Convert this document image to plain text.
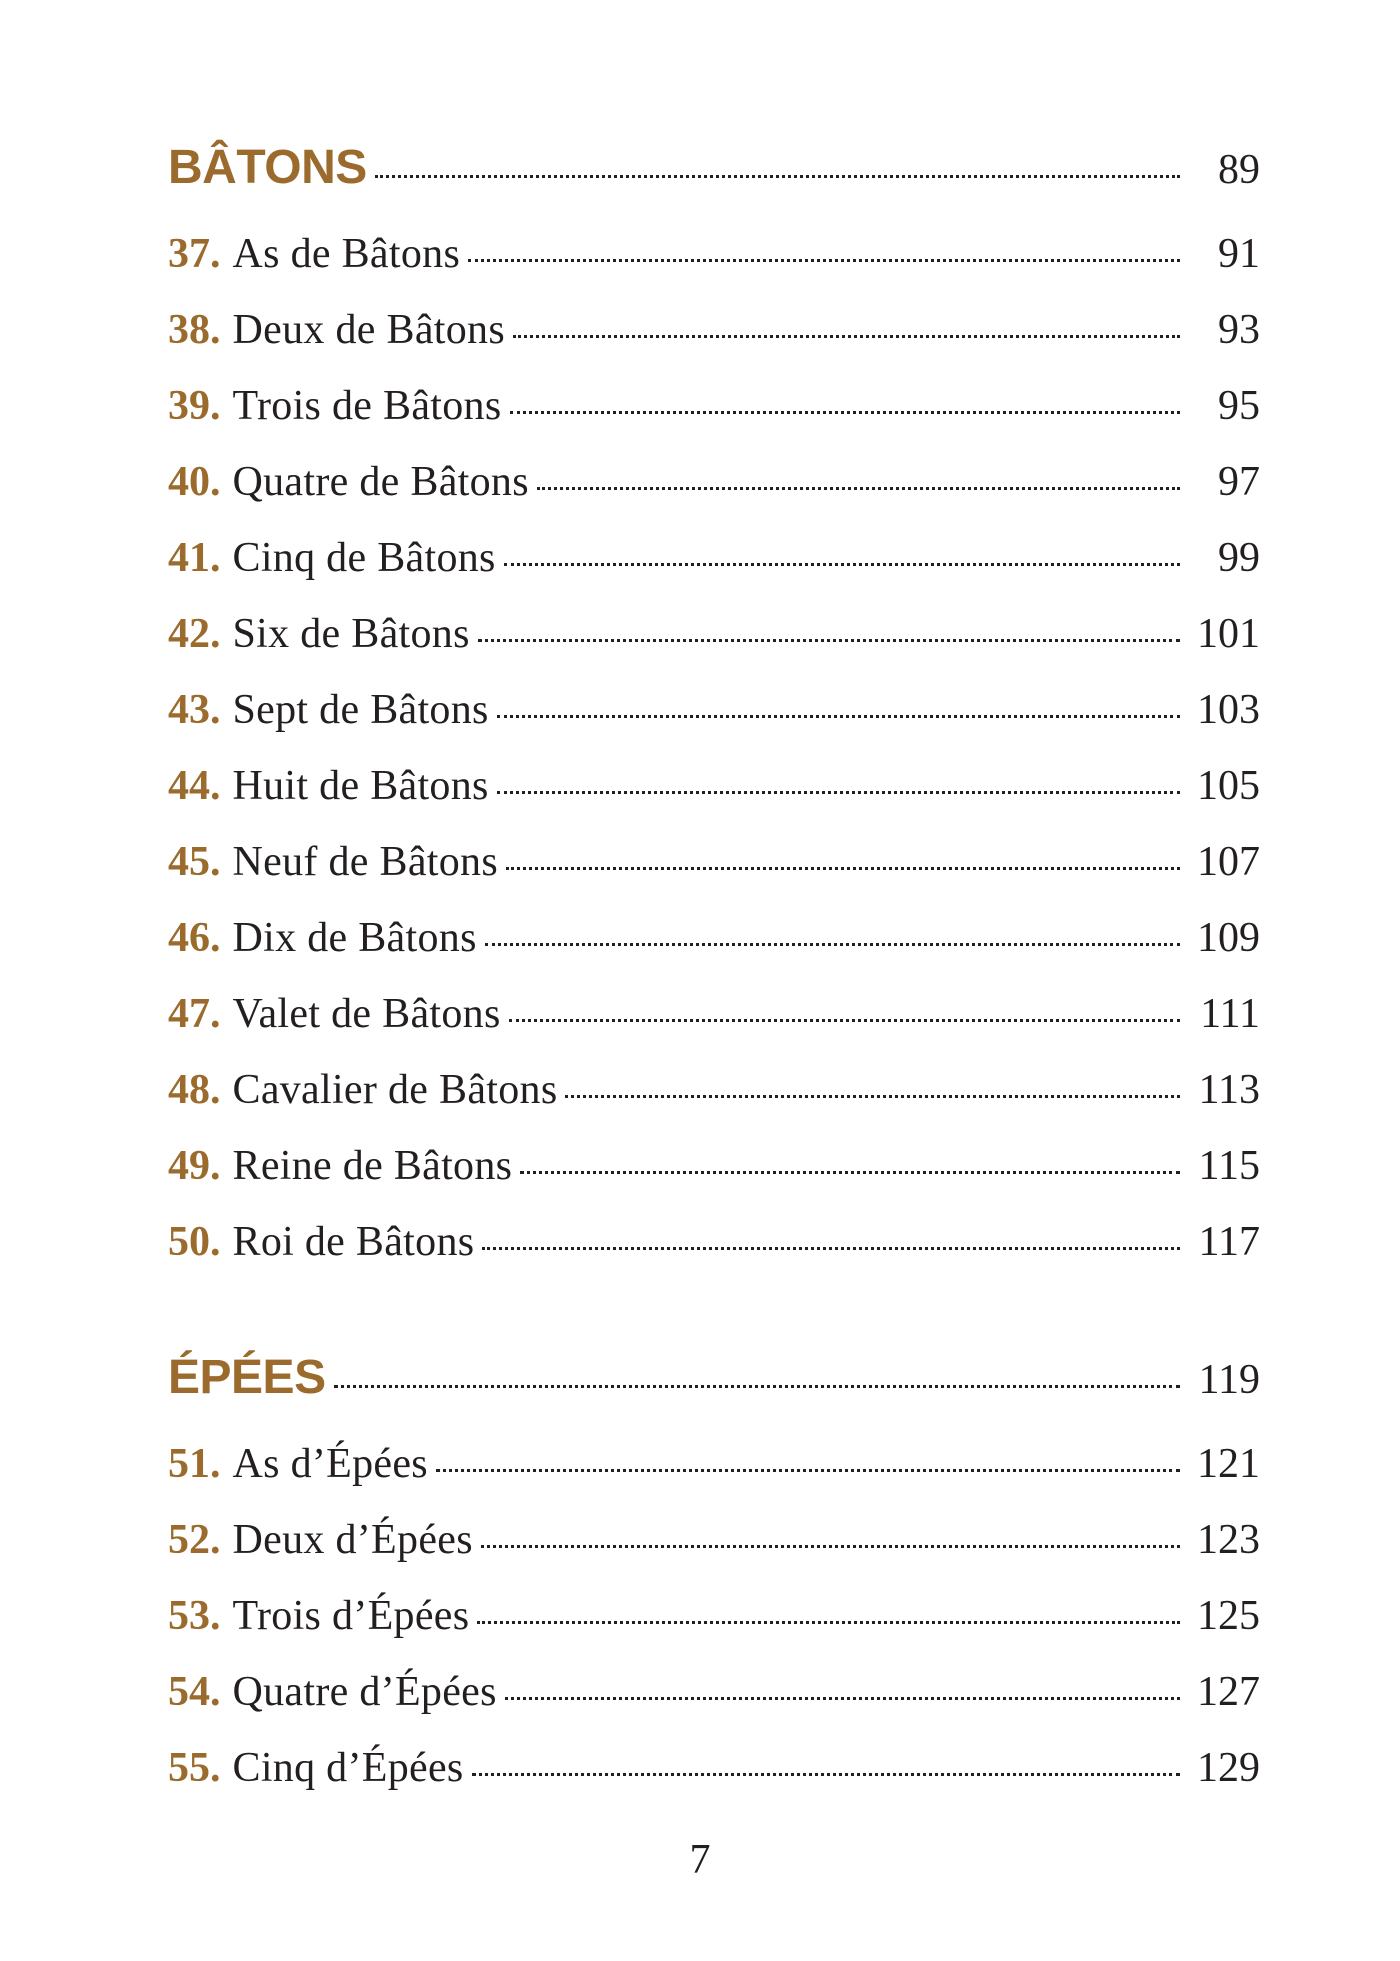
BÂTONS	89
37. As de Bâtons	91
38. Deux de Bâtons	93
39. Trois de Bâtons	95
40. Quatre de Bâtons	97
41. Cinq de Bâtons	99
42. Six de Bâtons	101
43. Sept de Bâtons	103
44. Huit de Bâtons	105
45. Neuf de Bâtons	107
46. Dix de Bâtons	109
47. Valet de Bâtons	111
48. Cavalier de Bâtons	113
49. Reine de Bâtons	115
50. Roi de Bâtons	117
ÉPÉES	119
51. As d’Épées	121
52. Deux d’Épées	123
53. Trois d’Épées	125
54. Quatre d’Épées	127
55. Cinq d’Épées	129
7
